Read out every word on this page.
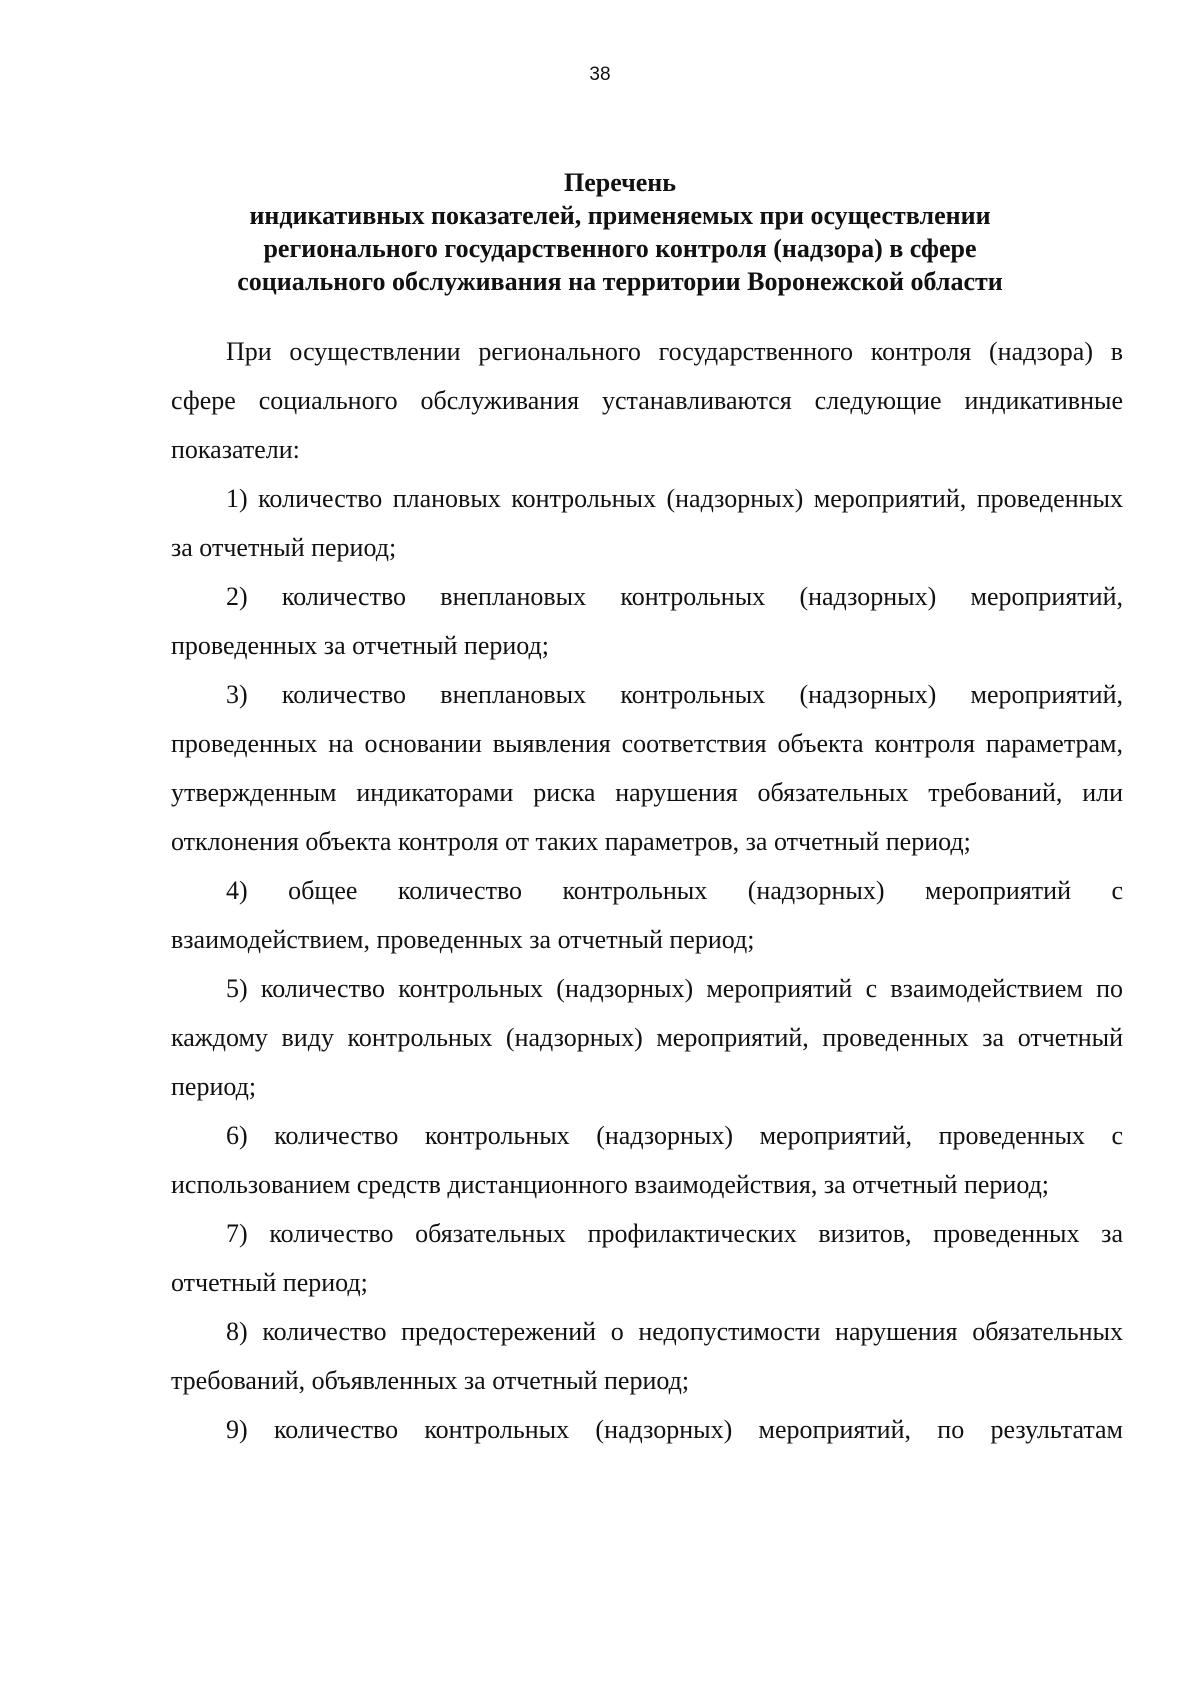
38
Перечень
индикативных показателей, применяемых при осуществлении
регионального государственного контроля (надзора) в сфере
социального обслуживания на территории Воронежской области

При осуществлении регионального государственного контроля (надзора) в сфере социального обслуживания устанавливаются следующие индикативные показатели:

1) количество плановых контрольных (надзорных) мероприятий, проведенных за отчетный период;

2) количество внеплановых контрольных (надзорных) мероприятий, проведенных за отчетный период;

3) количество внеплановых контрольных (надзорных) мероприятий, проведенных на основании выявления соответствия объекта контроля параметрам, утвержденным индикаторами риска нарушения обязательных требований, или отклонения объекта контроля от таких параметров, за отчетный период;

4) общее количество контрольных (надзорных) мероприятий с взаимодействием, проведенных за отчетный период;

5) количество контрольных (надзорных) мероприятий с взаимодействием по каждому виду контрольных (надзорных) мероприятий, проведенных за отчетный период;

6) количество контрольных (надзорных) мероприятий, проведенных с использованием средств дистанционного взаимодействия, за отчетный период;

7) количество обязательных профилактических визитов, проведенных за отчетный период;

8) количество предостережений о недопустимости нарушения обязательных требований, объявленных за отчетный период;

9) количество контрольных (надзорных) мероприятий, по результатам
